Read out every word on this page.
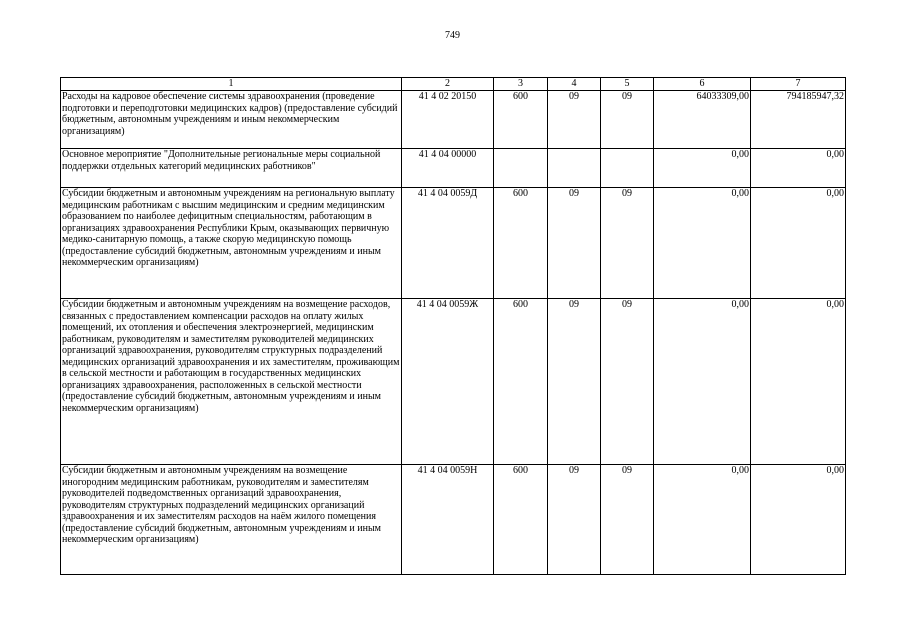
749
1	2	3	4	5	6	7
Расходы на кадровое обеспечение системы здравоохранения (проведение подготовки и переподготовки медицинских кадров) (предоставление субсидий бюджетным, автономным учреждениям и иным некоммерческим организациям)	41 4 02 20150	600	09	09	64033309,00	794185947,32
Основное мероприятие "Дополнительные региональные меры социальной поддержки отдельных категорий медицинских работников"	41 4 04 00000				0,00	0,00
Субсидии бюджетным и автономным учреждениям на региональную выплату медицинским работникам с высшим медицинским и средним медицинским образованием по наиболее дефицитным специальностям, работающим в организациях здравоохранения Республики Крым, оказывающих первичную медико-санитарную помощь, а также скорую медицинскую помощь (предоставление субсидий бюджетным, автономным учреждениям и иным некоммерческим организациям)	41 4 04 0059Д	600	09	09	0,00	0,00
Субсидии бюджетным и автономным учреждениям на возмещение расходов, связанных с предоставлением компенсации расходов на оплату жилых помещений, их отопления и обеспечения электроэнергией, медицинским работникам, руководителям и заместителям руководителей медицинских организаций здравоохранения, руководителям структурных подразделений медицинских организаций здравоохранения и их заместителям, проживающим в сельской местности и работающим в государственных медицинских организациях здравоохранения, расположенных в сельской местности (предоставление субсидий бюджетным, автономным учреждениям и иным некоммерческим организациям)	41 4 04 0059Ж	600	09	09	0,00	0,00
Субсидии бюджетным и автономным учреждениям на возмещение иногородним медицинским работникам, руководителям и заместителям руководителей подведомственных организаций здравоохранения, руководителям структурных подразделений медицинских организаций здравоохранения и их заместителям расходов на наём жилого помещения (предоставление субсидий бюджетным, автономным учреждениям и иным некоммерческим организациям)	41 4 04 0059Н	600	09	09	0,00	0,00
